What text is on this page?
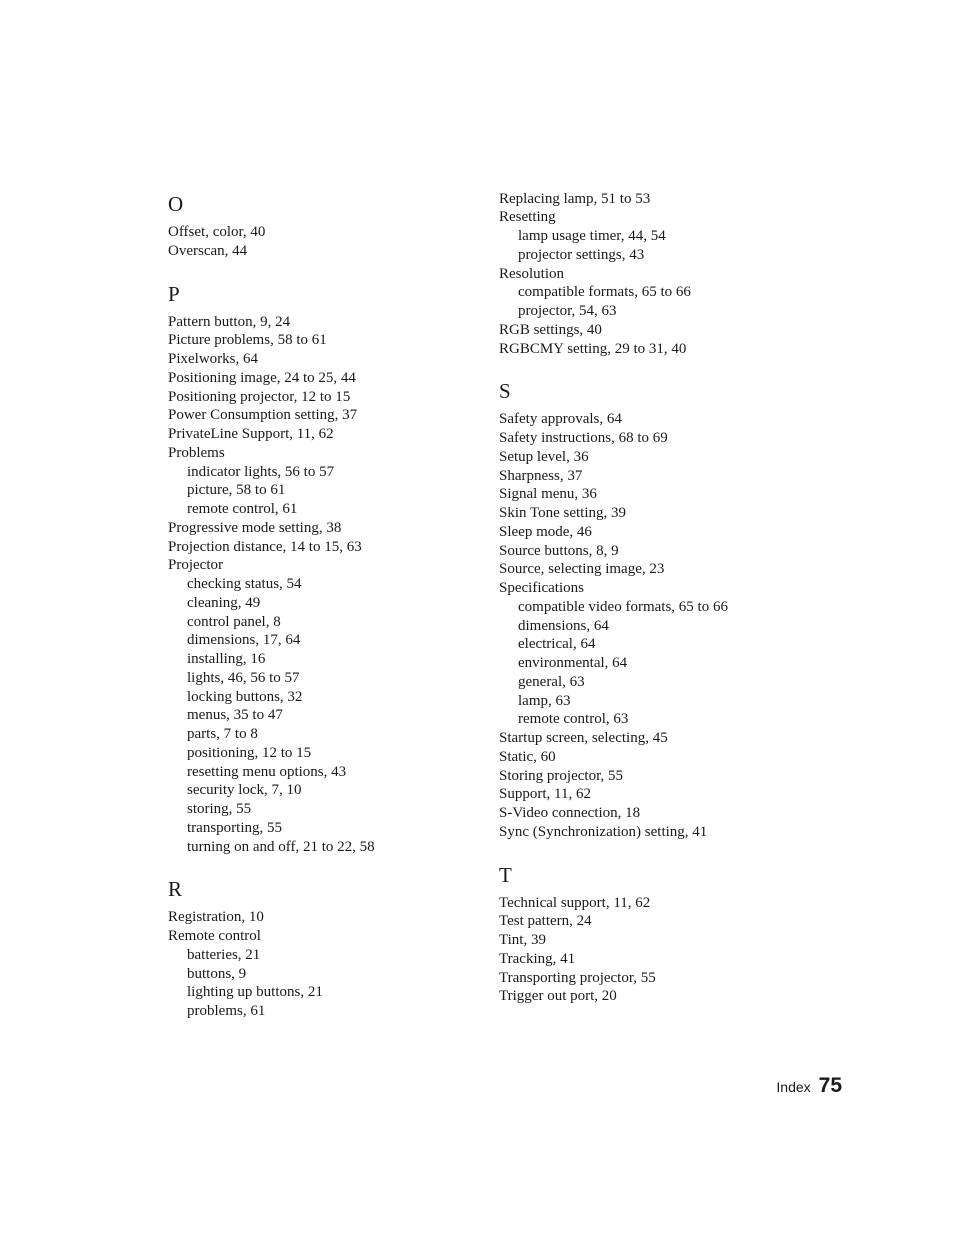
O
Offset, color, 40
Overscan, 44
P
Pattern button, 9, 24
Picture problems, 58 to 61
Pixelworks, 64
Positioning image, 24 to 25, 44
Positioning projector, 12 to 15
Power Consumption setting, 37
PrivateLine Support, 11, 62
Problems
indicator lights, 56 to 57
picture, 58 to 61
remote control, 61
Progressive mode setting, 38
Projection distance, 14 to 15, 63
Projector
checking status, 54
cleaning, 49
control panel, 8
dimensions, 17, 64
installing, 16
lights, 46, 56 to 57
locking buttons, 32
menus, 35 to 47
parts, 7 to 8
positioning, 12 to 15
resetting menu options, 43
security lock, 7, 10
storing, 55
transporting, 55
turning on and off, 21 to 22, 58
R
Registration, 10
Remote control
batteries, 21
buttons, 9
lighting up buttons, 21
problems, 61
Replacing lamp, 51 to 53
Resetting
lamp usage timer, 44, 54
projector settings, 43
Resolution
compatible formats, 65 to 66
projector, 54, 63
RGB settings, 40
RGBCMY setting, 29 to 31, 40
S
Safety approvals, 64
Safety instructions, 68 to 69
Setup level, 36
Sharpness, 37
Signal menu, 36
Skin Tone setting, 39
Sleep mode, 46
Source buttons, 8, 9
Source, selecting image, 23
Specifications
compatible video formats, 65 to 66
dimensions, 64
electrical, 64
environmental, 64
general, 63
lamp, 63
remote control, 63
Startup screen, selecting, 45
Static, 60
Storing projector, 55
Support, 11, 62
S-Video connection, 18
Sync (Synchronization) setting, 41
T
Technical support, 11, 62
Test pattern, 24
Tint, 39
Tracking, 41
Transporting projector, 55
Trigger out port, 20
Index 75
